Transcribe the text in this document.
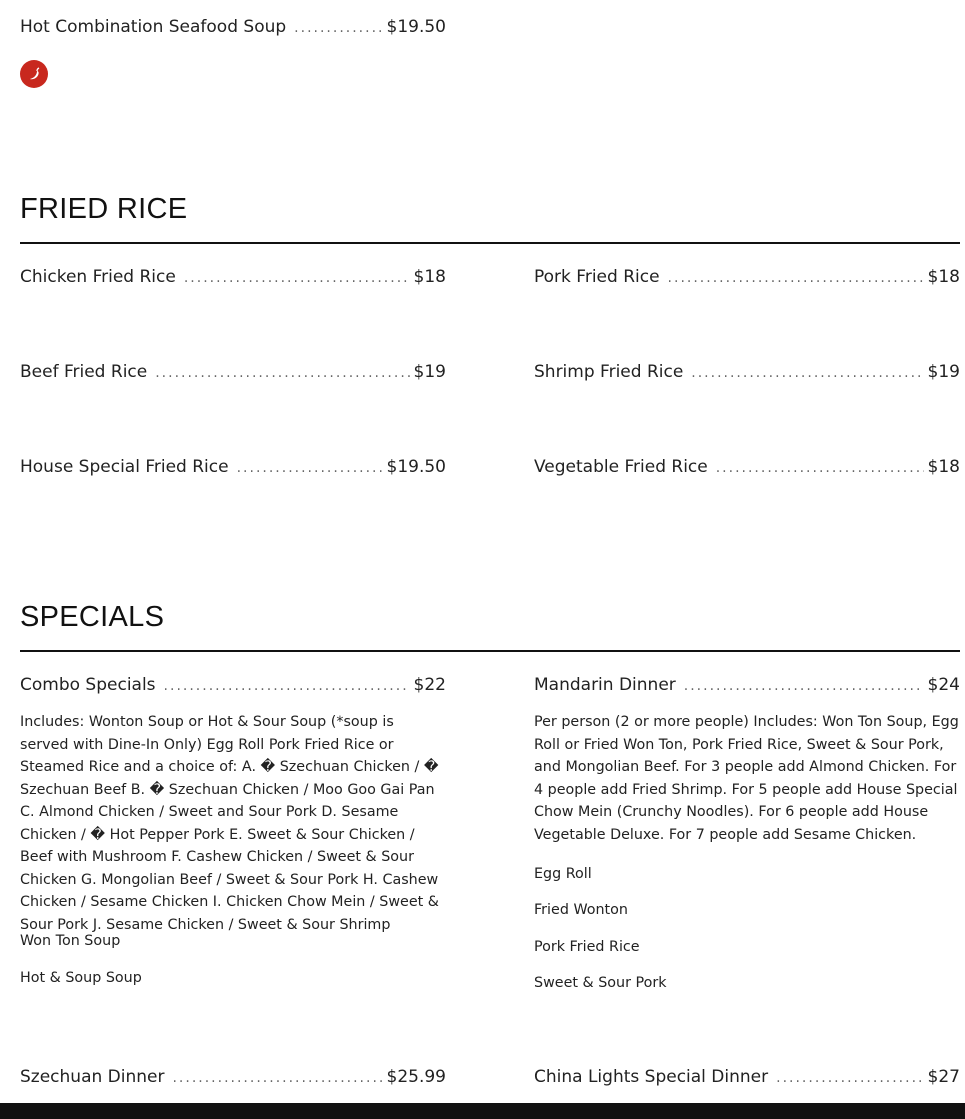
Hot Combination Seafood Soup .....	$19.50
FRIED RICE
Chicken Fried Rice .....	$18	Pork Fried Rice .....	$18
Beef Fried Rice .....	$19	Shrimp Fried Rice .....	$19
House Special Fried Rice .....	$19.50	Vegetable Fried Rice .....	$18
SPECIALS
Combo Specials .....	$22
Includes: Wonton Soup or Hot & Sour Soup (*soup is served with Dine-In Only) Egg Roll Pork Fried Rice or Steamed Rice and a choice of: A. � Szechuan Chicken / � Szechuan Beef B. � Szechuan Chicken / Moo Goo Gai Pan C. Almond Chicken / Sweet and Sour Pork D. Sesame Chicken / � Hot Pepper Pork E. Sweet & Sour Chicken / Beef with Mushroom F. Cashew Chicken / Sweet & Sour Chicken G. Mongolian Beef / Sweet & Sour Pork H. Cashew Chicken / Sesame Chicken I. Chicken Chow Mein / Sweet & Sour Pork J. Sesame Chicken / Sweet & Sour Shrimp
Won Ton Soup
Hot & Soup Soup
Mandarin Dinner .....	$24
Per person (2 or more people) Includes: Won Ton Soup, Egg Roll or Fried Won Ton, Pork Fried Rice, Sweet & Sour Pork, and Mongolian Beef. For 3 people add Almond Chicken. For 4 people add Fried Shrimp. For 5 people add House Special Chow Mein (Crunchy Noodles). For 6 people add House Vegetable Deluxe. For 7 people add Sesame Chicken.
Egg Roll
Fried Wonton
Pork Fried Rice
Sweet & Sour Pork
Szechuan Dinner .....	$25.99	China Lights Special Dinner .....	$27
